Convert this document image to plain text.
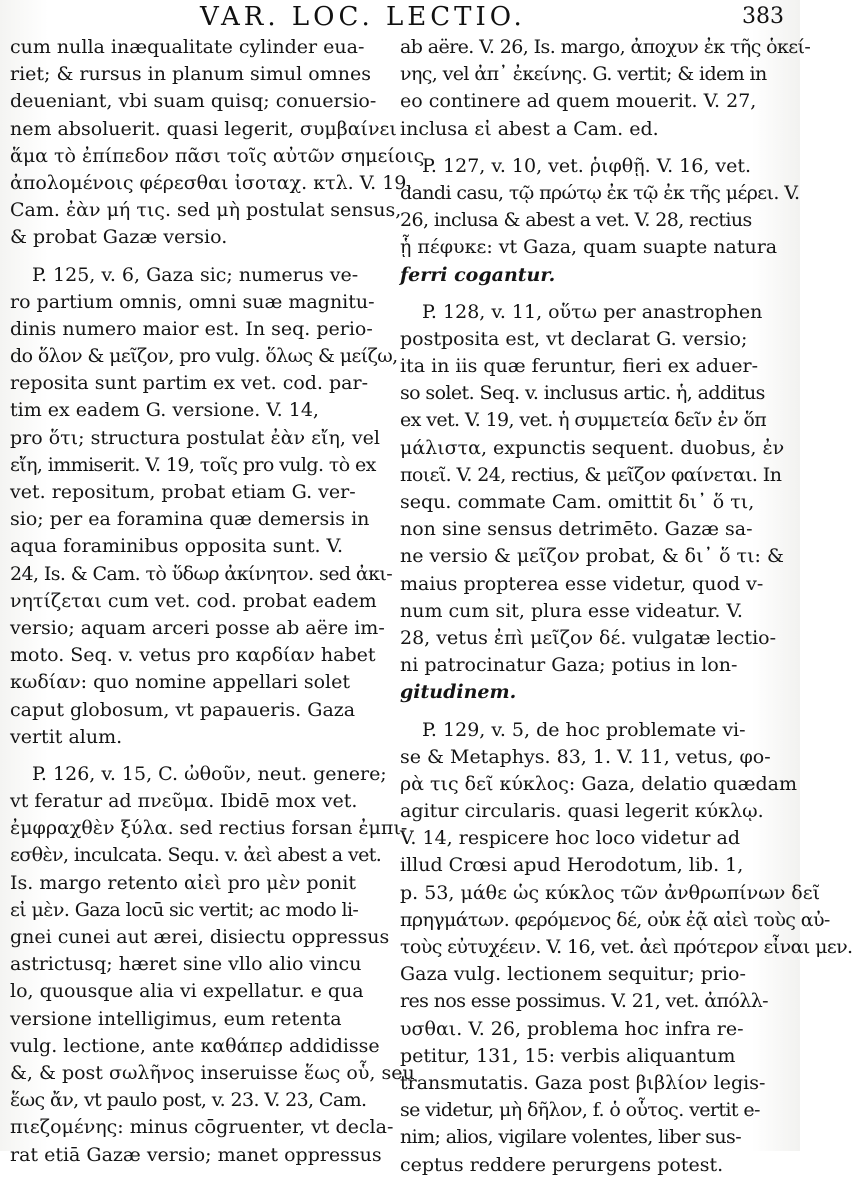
VAR. LOC. LECTIO.	383
cum nulla inæqualitate cylinder eua-
riet; & rursus in planum simul omnes
deueniant, vbi suam quisq; conuersio-
nem absoluerit. quasi legerit, συμβαίνει
ἅμα τὸ ἐπίπεδον πᾶσι τοῖς αὐτῶν σημείοις
ἀπολομένοις φέρεσθαι ἰσοταχ. κτλ. V. 19,
Cam. ἐὰν μή τις. sed μὴ postulat sensus,
& probat Gazæ versio.
P. 125, v. 6, Gaza sic; numerus ve-
ro partium omnis, omni suæ magnitu-
dinis numero maior est. In seq. perio-
do ὅλον & μεῖζον, pro vulg. ὅλως & μείζω,
reposita sunt partim ex vet. cod. par-
tim ex eadem G. versione. V. 14,
pro ὅτι; structura postulat ἐὰν εἴη, vel
εἴη, immiserit. V. 19, τοῖς pro vulg. τὸ ex
vet. repositum, probat etiam G. ver-
sio; per ea foramina quæ demersis in
aqua foraminibus opposita sunt. V.
24, Is. & Cam. τὸ ὕδωρ ἀκίνητον. sed ἀκι-
νητίζεται cum vet. cod. probat eadem
versio; aquam arceri posse ab aëre im-
moto. Seq. v. vetus pro καρδίαν habet
κωδίαν: quo nomine appellari solet
caput globosum, vt papaueris. Gaza
vertit alum.
P. 126, v. 15, C. ὠθοῦν, neut. genere;
vt feratur ad πνεῦμα. Ibidē mox vet.
ἐμφραχθὲν ξύλα. sed rectius forsan ἐμπι-
εσθὲν, inculcata. Sequ. v. ἀεὶ abest a vet.
Is. margo retento αἰεὶ pro μὲν ponit
εἰ μὲν. Gaza locū sic vertit; ac modo li-
gnei cunei aut ærei, disiectu oppressus
astrictusq; hæret sine vllo alio vincu
lo, quousque alia vi expellatur. e qua
versione intelligimus, eum retenta
vulg. lectione, ante καθάπερ addidisse
&, & post σωλῆνος inseruisse ἕως οὗ, seu
ἕως ἄν, vt paulo post, v. 23. V. 23, Cam.
πιεζομένης: minus cōgruenter, vt decla-
rat etiā Gazæ versio; manet oppressus
ab aëre. V. 26, Is. margo, ἀποχυν ἐκ τῆς ὁκεί-
νης, vel ἀπ᾽ ἐκείνης. G. vertit; & idem in
eo continere ad quem mouerit. V. 27,
inclusa εἰ abest a Cam. ed.
P. 127, v. 10, vet. ῥιφθῇ. V. 16, vet.
dandi casu, τῷ πρώτῳ ἐκ τῷ ἐκ τῆς μέρει. V.
26, inclusa & abest a vet. V. 28, rectius
ᾗ πέφυκε: vt Gaza, quam suapte natura
ferri cogantur.
P. 128, v. 11, οὕτω per anastrophen
postposita est, vt declarat G. versio;
ita in iis quæ feruntur, fieri ex aduer-
so solet. Seq. v. inclusus artic. ἡ, additus
ex vet. V. 19, vet. ἡ συμμετεία δεῖν ἐν ὅπ
μάλιστα, expunctis sequent. duobus, ἐν
ποιεῖ. V. 24, rectius, & μεῖζον φαίνεται. In
sequ. commate Cam. omittit δι᾽ ὅ τι,
non sine sensus detrimēto. Gazæ sa-
ne versio & μεῖζον probat, & δι᾽ ὅ τι: &
maius propterea esse videtur, quod v-
num cum sit, plura esse videatur. V.
28, vetus ἐπὶ μεῖζον δέ. vulgatæ lectio-
ni patrocinatur Gaza; potius in lon-
gitudinem.
P. 129, v. 5, de hoc problemate vi-
se & Metaphys. 83, 1. V. 11, vetus, φο-
ρὰ τις δεῖ κύκλος: Gaza, delatio quædam
agitur circularis. quasi legerit κύκλῳ.
V. 14, respicere hoc loco videtur ad
illud Crœsi apud Herodotum, lib. 1,
p. 53, μάθε ὡς κύκλος τῶν ἀνθρωπίνων δεῖ
πρηγμάτων. φερόμενος δέ, οὐκ ἐᾷ αἰεὶ τοὺς αὐ-
τοὺς εὐτυχέειν. V. 16, vet. ἀεὶ πρότερον εἶναι μεν.
Gaza vulg. lectionem sequitur; prio-
res nos esse possimus. V. 21, vet. ἀπόλλ-
υσθαι. V. 26, problema hoc infra re-
petitur, 131, 15: verbis aliquantum
transmutatis. Gaza post βιβλίον legis-
se videtur, μὴ δῆλον, f. ὁ οὗτος. vertit e-
nim; alios, vigilare volentes, liber sus-
ceptus reddere perurgens potest.
